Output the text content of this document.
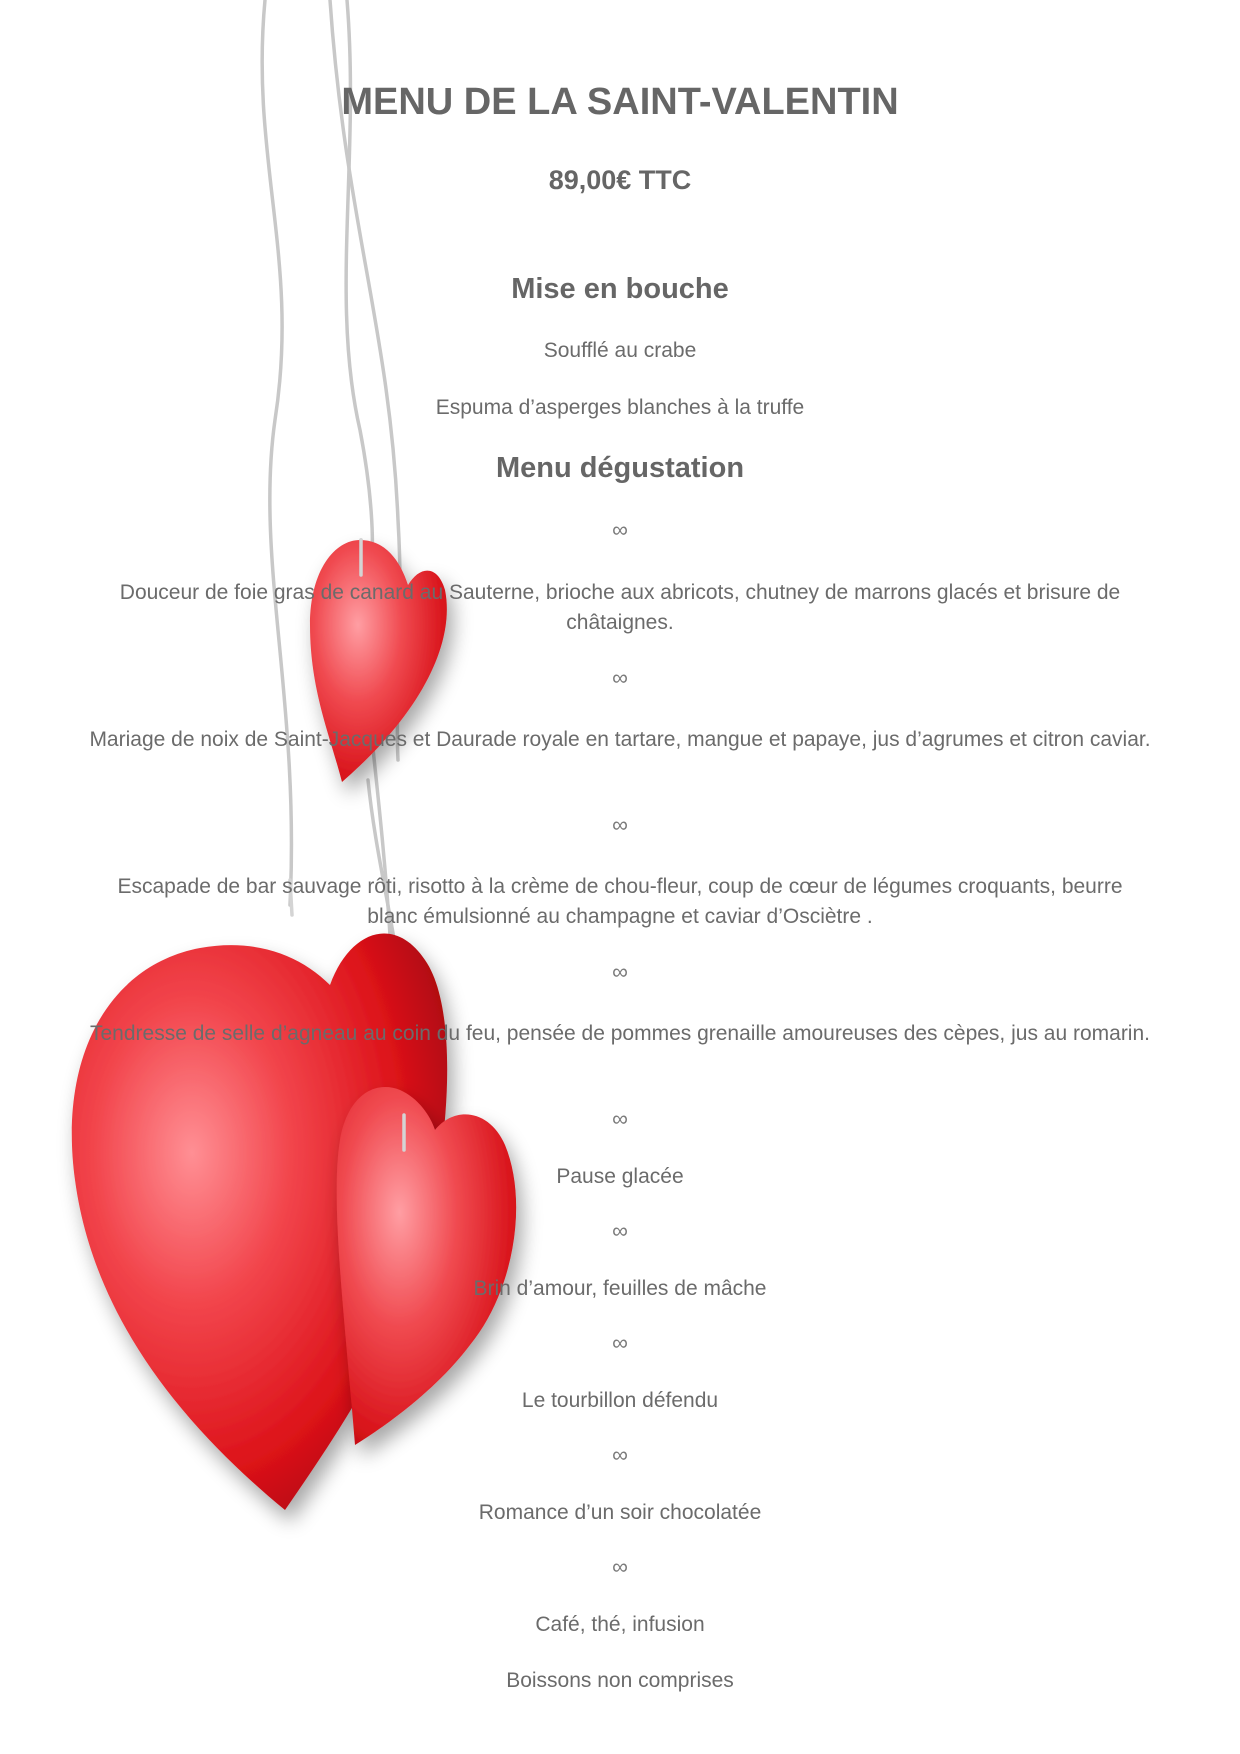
MENU DE LA SAINT-VALENTIN
89,00€ TTC
Mise en bouche
Soufflé au crabe
Espuma d’asperges blanches à la truffe
Menu dégustation
∞
Douceur de foie gras de canard au Sauterne, brioche aux abricots, chutney de marrons glacés et brisure de châtaignes.
∞
Mariage de noix de Saint-Jacques et Daurade royale en tartare, mangue et papaye, jus d’agrumes et citron caviar.
∞
Escapade de bar sauvage rôti, risotto à la crème de chou-fleur, coup de cœur de légumes croquants, beurre blanc émulsionné au champagne et caviar d’Osciètre .
∞
Tendresse de selle d’agneau au coin du feu, pensée de pommes grenaille amoureuses des cèpes, jus au romarin.
∞
Pause glacée
∞
Brin d’amour, feuilles de mâche
∞
Le tourbillon défendu
∞
Romance d’un soir chocolatée
∞
Café, thé, infusion
Boissons non comprises
